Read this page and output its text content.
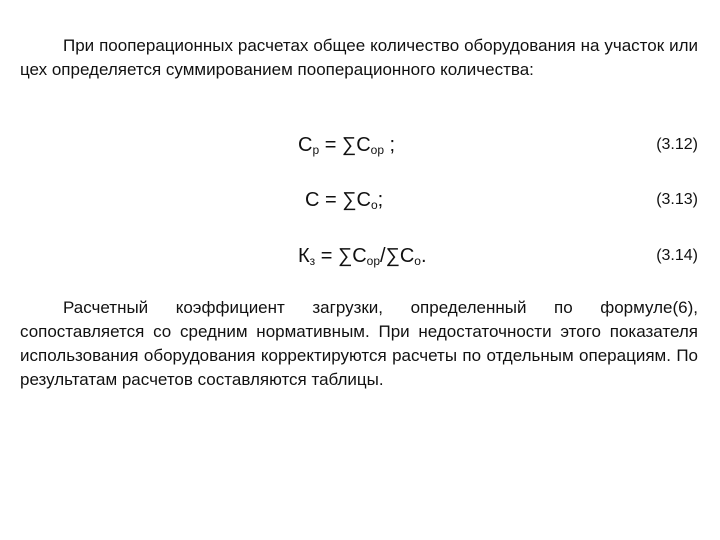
При пооперационных расчетах общее количество оборудования на участок или цех определяется суммированием пооперационного количества:

$C_р = \sum C_{ор}$ ;	(3.12)
$C = \sum C_о$;	(3.13)
$К_з = \sum C_{ор}/\sum C_о$.	(3.14)

Расчетный коэффициент загрузки, определенный по формуле(6), сопоставляется со средним нормативным. При недостаточности этого показателя использования оборудования корректируются расчеты по отдельным операциям. По результатам расчетов составляются таблицы.
